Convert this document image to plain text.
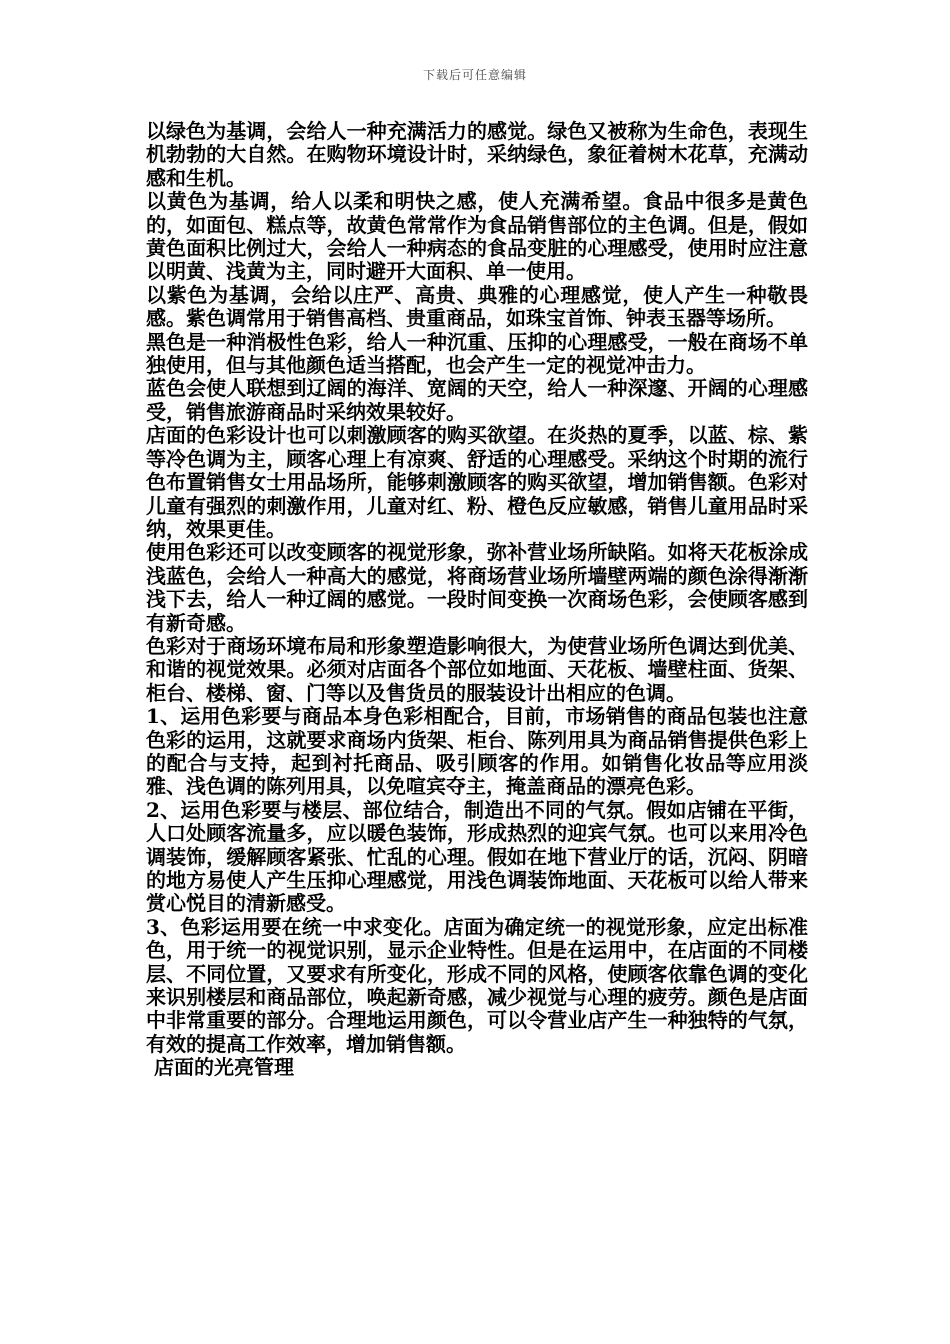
下载后可任意编辑

以绿色为基调，会给人一种充满活力的感觉。绿色又被称为生命色，表现生机勃勃的大自然。在购物环境设计时，采纳绿色，象征着树木花草，充满动感和生机。

以黄色为基调，给人以柔和明快之感，使人充满希望。食品中很多是黄色的，如面包、糕点等，故黄色常常作为食品销售部位的主色调。但是，假如黄色面积比例过大，会给人一种病态的食品变脏的心理感受，使用时应注意以明黄、浅黄为主，同时避开大面积、单一使用。

以紫色为基调，会给以庄严、高贵、典雅的心理感觉，使人产生一种敬畏感。紫色调常用于销售高档、贵重商品，如珠宝首饰、钟表玉器等场所。

黑色是一种消极性色彩，给人一种沉重、压抑的心理感受，一般在商场不单独使用，但与其他颜色适当搭配，也会产生一定的视觉冲击力。

蓝色会使人联想到辽阔的海洋、宽阔的天空，给人一种深邃、开阔的心理感受，销售旅游商品时采纳效果较好。

店面的色彩设计也可以刺激顾客的购买欲望。在炎热的夏季，以蓝、棕、紫等冷色调为主，顾客心理上有凉爽、舒适的心理感受。采纳这个时期的流行色布置销售女士用品场所，能够刺激顾客的购买欲望，增加销售额。色彩对儿童有强烈的刺激作用，儿童对红、粉、橙色反应敏感，销售儿童用品时采纳，效果更佳。

使用色彩还可以改变顾客的视觉形象，弥补营业场所缺陷。如将天花板涂成浅蓝色，会给人一种高大的感觉，将商场营业场所墙壁两端的颜色涂得渐渐浅下去，给人一种辽阔的感觉。一段时间变换一次商场色彩，会使顾客感到有新奇感。

色彩对于商场环境布局和形象塑造影响很大，为使营业场所色调达到优美、和谐的视觉效果。必须对店面各个部位如地面、天花板、墙壁柱面、货架、柜台、楼梯、窗、门等以及售货员的服装设计出相应的色调。

1、运用色彩要与商品本身色彩相配合，目前，市场销售的商品包装也注意色彩的运用，这就要求商场内货架、柜台、陈列用具为商品销售提供色彩上的配合与支持，起到衬托商品、吸引顾客的作用。如销售化妆品等应用淡雅、浅色调的陈列用具，以免喧宾夺主，掩盖商品的漂亮色彩。

2、运用色彩要与楼层、部位结合，制造出不同的气氛。假如店铺在平街，人口处顾客流量多，应以暖色装饰，形成热烈的迎宾气氛。也可以来用冷色调装饰，缓解顾客紧张、忙乱的心理。假如在地下营业厅的话，沉闷、阴暗的地方易使人产生压抑心理感觉，用浅色调装饰地面、天花板可以给人带来赏心悦目的清新感受。

3、色彩运用要在统一中求变化。店面为确定统一的视觉形象，应定出标准色，用于统一的视觉识别，显示企业特性。但是在运用中，在店面的不同楼层、不同位置，又要求有所变化，形成不同的风格，使顾客依靠色调的变化来识别楼层和商品部位，唤起新奇感，减少视觉与心理的疲劳。颜色是店面中非常重要的部分。合理地运用颜色，可以令营业店产生一种独特的气氛，有效的提高工作效率，增加销售额。

店面的光亮管理
